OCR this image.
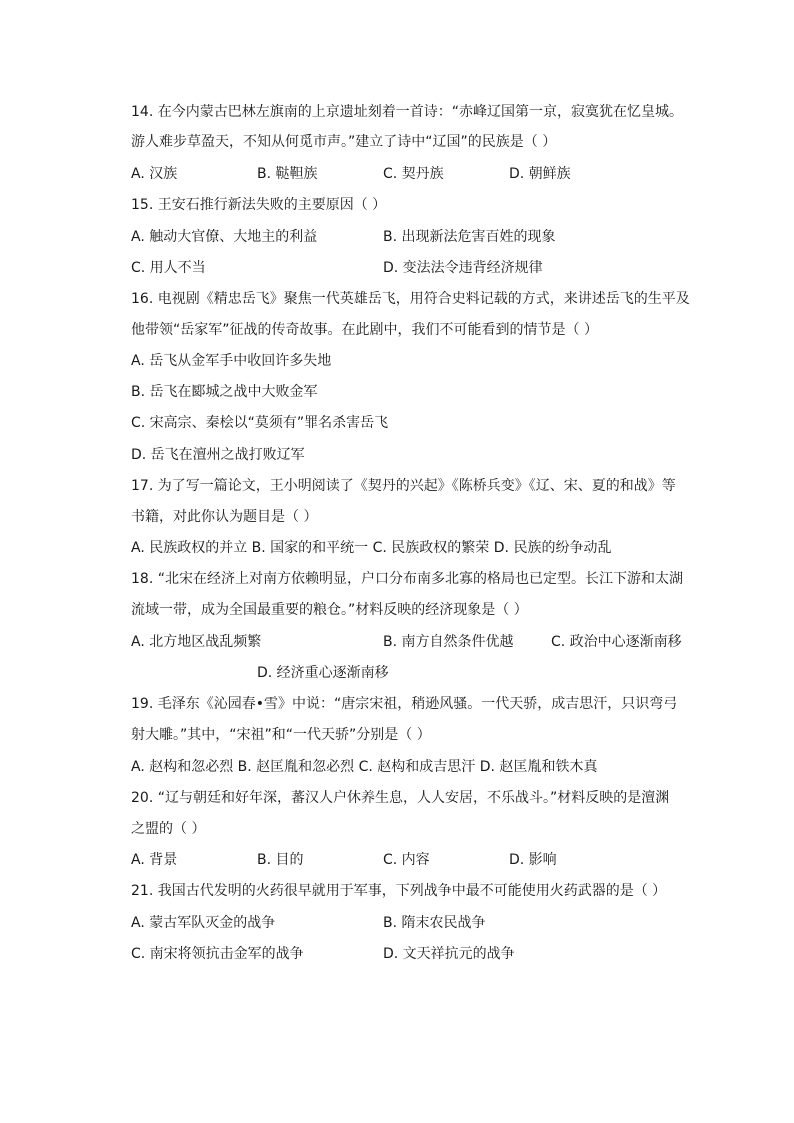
14. 在今内蒙古巴林左旗南的上京遗址刻着一首诗：“赤峰辽国第一京，寂寞犹在忆皇城。
游人难步草盈天，不知从何觅市声。”建立了诗中“辽国”的民族是（ ）
A. 汉族	B. 鞑靼族	C. 契丹族	D. 朝鲜族
15. 王安石推行新法失败的主要原因（ ）
A. 触动大官僚、大地主的利益	B. 出现新法危害百姓的现象
C. 用人不当	D. 变法法令违背经济规律
16. 电视剧《精忠岳飞》聚焦一代英雄岳飞，用符合史料记载的方式，来讲述岳飞的生平及
他带领“岳家军”征战的传奇故事。在此剧中，我们不可能看到的情节是（ ）
A. 岳飞从金军手中收回许多失地
B. 岳飞在郾城之战中大败金军
C. 宋高宗、秦桧以“莫须有”罪名杀害岳飞
D. 岳飞在澶州之战打败辽军
17. 为了写一篇论文，王小明阅读了《契丹的兴起》《陈桥兵变》《辽、宋、夏的和战》等
书籍，对此你认为题目是（ ）
A. 民族政权的并立 B. 国家的和平统一 C. 民族政权的繁荣 D. 民族的纷争动乱
18. “北宋在经济上对南方依赖明显，户口分布南多北寡的格局也已定型。长江下游和太湖
流域一带，成为全国最重要的粮仓。”材料反映的经济现象是（ ）
A. 北方地区战乱频繁	B. 南方自然条件优越	C. 政治中心逐渐南移
D. 经济重心逐渐南移
19. 毛泽东《沁园春•雪》中说：“唐宗宋祖，稍逊风骚。一代天骄，成吉思汗，只识弯弓
射大雕。”其中，“宋祖”和“一代天骄”分别是（ ）
A. 赵构和忽必烈 B. 赵匡胤和忽必烈 C. 赵构和成吉思汗 D. 赵匡胤和铁木真
20. “辽与朝廷和好年深，蕃汉人户休养生息，人人安居，不乐战斗。”材料反映的是澶渊
之盟的（ ）
A. 背景	B. 目的	C. 内容	D. 影响
21. 我国古代发明的火药很早就用于军事，下列战争中最不可能使用火药武器的是（ ）
A. 蒙古军队灭金的战争	B. 隋末农民战争
C. 南宋将领抗击金军的战争	D. 文天祥抗元的战争
